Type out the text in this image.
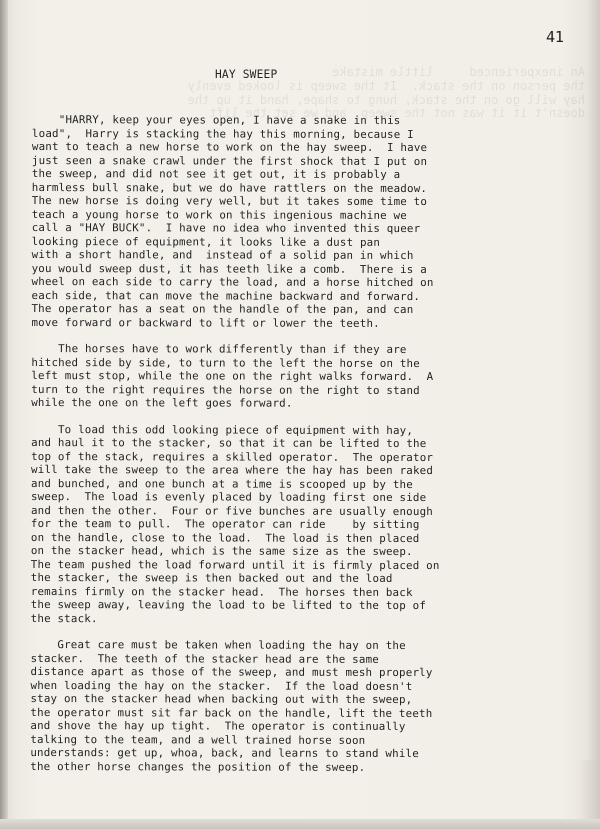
An inexperienced     little mistake
the person on the stack.  It the sweep is looked evenly
hay will go on the stack, hung to shape, hand it up the
doesn't it it was not the sweep, and we set the lift

41
HAY SWEEP
"HARRY, keep your eyes open, I have a snake in this
load",  Harry is stacking the hay this morning, because I
want to teach a new horse to work on the hay sweep.  I have
just seen a snake crawl under the first shock that I put on
the sweep, and did not see it get out, it is probably a
harmless bull snake, but we do have rattlers on the meadow.
The new horse is doing very well, but it takes some time to
teach a young horse to work on this ingenious machine we
call a "HAY BUCK".  I have no idea who invented this queer
looking piece of equipment, it looks like a dust pan
with a short handle, and  instead of a solid pan in which
you would sweep dust, it has teeth like a comb.  There is a
wheel on each side to carry the load, and a horse hitched on
each side, that can move the machine backward and forward.
The operator has a seat on the handle of the pan, and can
move forward or backward to lift or lower the teeth.
The horses have to work differently than if they are
hitched side by side, to turn to the left the horse on the
left must stop, while the one on the right walks forward.  A
turn to the right requires the horse on the right to stand
while the one on the left goes forward.
To load this odd looking piece of equipment with hay,
and haul it to the stacker, so that it can be lifted to the
top of the stack, requires a skilled operator.  The operator
will take the sweep to the area where the hay has been raked
and bunched, and one bunch at a time is scooped up by the
sweep.  The load is evenly placed by loading first one side
and then the other.  Four or five bunches are usually enough
for the team to pull.  The operator can ride    by sitting
on the handle, close to the load.  The load is then placed
on the stacker head, which is the same size as the sweep.
The team pushed the load forward until it is firmly placed on
the stacker, the sweep is then backed out and the load
remains firmly on the stacker head.  The horses then back
the sweep away, leaving the load to be lifted to the top of
the stack.
Great care must be taken when loading the hay on the
stacker.  The teeth of the stacker head are the same
distance apart as those of the sweep, and must mesh properly
when loading the hay on the stacker.  If the load doesn't
stay on the stacker head when backing out with the sweep,
the operator must sit far back on the handle, lift the teeth
and shove the hay up tight.  The operator is continually
talking to the team, and a well trained horse soon
understands: get up, whoa, back, and learns to stand while
the other horse changes the position of the sweep.
